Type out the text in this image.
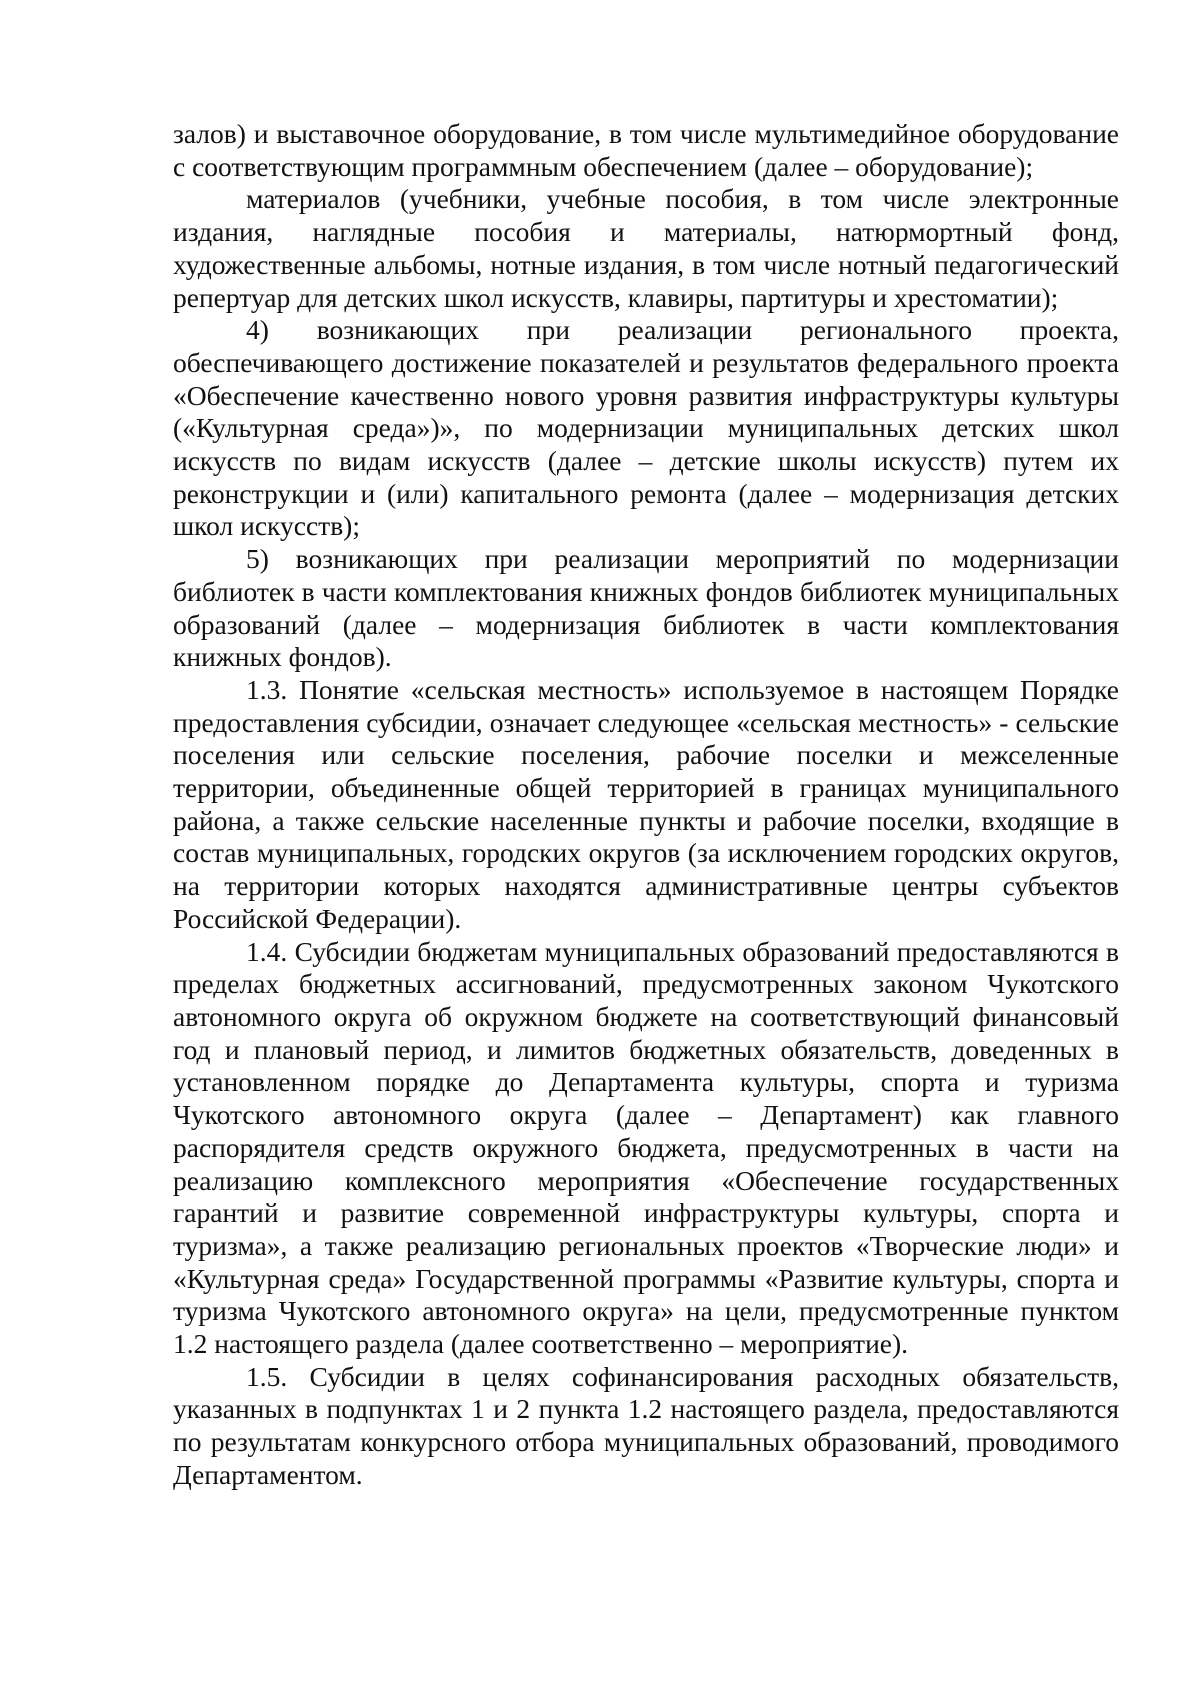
залов) и выставочное оборудование, в том числе мультимедийное оборудование с соответствующим программным обеспечением (далее – оборудование);

материалов (учебники, учебные пособия, в том числе электронные издания, наглядные пособия и материалы, натюрмортный фонд, художественные альбомы, нотные издания, в том числе нотный педагогический репертуар для детских школ искусств, клавиры, партитуры и хрестоматии);

4) возникающих при реализации регионального проекта, обеспечивающего достижение показателей и результатов федерального проекта «Обеспечение качественно нового уровня развития инфраструктуры культуры («Культурная среда»)», по модернизации муниципальных детских школ искусств по видам искусств (далее – детские школы искусств) путем их реконструкции и (или) капитального ремонта (далее – модернизация детских школ искусств);

5) возникающих при реализации мероприятий по модернизации библиотек в части комплектования книжных фондов библиотек муниципальных образований (далее – модернизация библиотек в части комплектования книжных фондов).

1.3. Понятие «сельская местность» используемое в настоящем Порядке предоставления субсидии, означает следующее «сельская местность» - сельские поселения или сельские поселения, рабочие поселки и межселенные территории, объединенные общей территорией в границах муниципального района, а также сельские населенные пункты и рабочие поселки, входящие в состав муниципальных, городских округов (за исключением городских округов, на территории которых находятся административные центры субъектов Российской Федерации).

1.4. Субсидии бюджетам муниципальных образований предоставляются в пределах бюджетных ассигнований, предусмотренных законом Чукотского автономного округа об окружном бюджете на соответствующий финансовый год и плановый период, и лимитов бюджетных обязательств, доведенных в установленном порядке до Департамента культуры, спорта и туризма Чукотского автономного округа (далее – Департамент) как главного распорядителя средств окружного бюджета, предусмотренных в части на реализацию комплексного мероприятия «Обеспечение государственных гарантий и развитие современной инфраструктуры культуры, спорта и туризма», а также реализацию региональных проектов «Творческие люди» и «Культурная среда» Государственной программы «Развитие культуры, спорта и туризма Чукотского автономного округа» на цели, предусмотренные пунктом 1.2 настоящего раздела (далее соответственно – мероприятие).

1.5. Субсидии в целях софинансирования расходных обязательств, указанных в подпунктах 1 и 2 пункта 1.2 настоящего раздела, предоставляются по результатам конкурсного отбора муниципальных образований, проводимого Департаментом.
